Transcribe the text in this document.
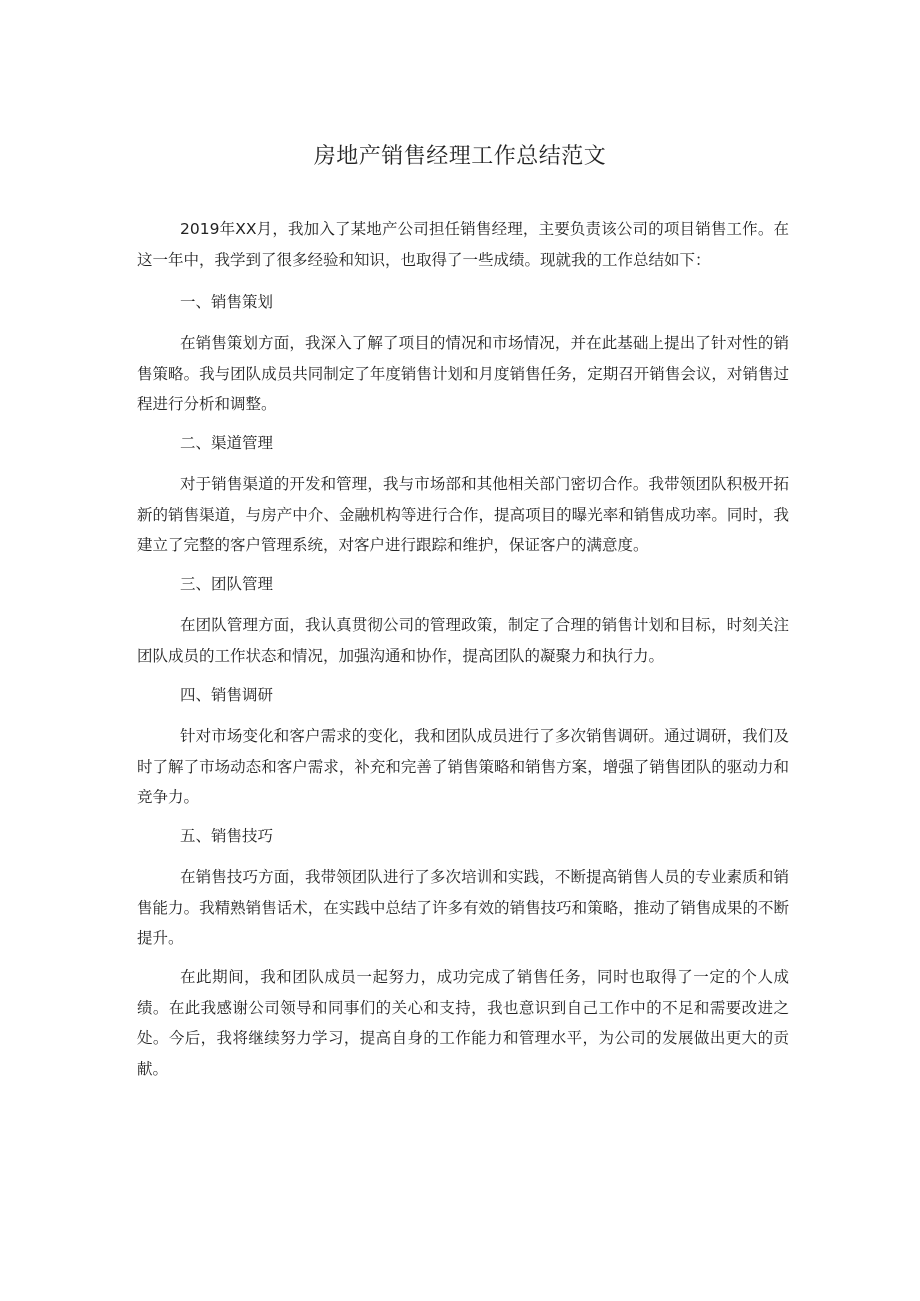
房地产销售经理工作总结范文
2019年XX月，我加入了某地产公司担任销售经理，主要负责该公司的项目销售工作。在这一年中，我学到了很多经验和知识，也取得了一些成绩。现就我的工作总结如下：
一、销售策划
在销售策划方面，我深入了解了项目的情况和市场情况，并在此基础上提出了针对性的销售策略。我与团队成员共同制定了年度销售计划和月度销售任务，定期召开销售会议，对销售过程进行分析和调整。
二、渠道管理
对于销售渠道的开发和管理，我与市场部和其他相关部门密切合作。我带领团队积极开拓新的销售渠道，与房产中介、金融机构等进行合作，提高项目的曝光率和销售成功率。同时，我建立了完整的客户管理系统，对客户进行跟踪和维护，保证客户的满意度。
三、团队管理
在团队管理方面，我认真贯彻公司的管理政策，制定了合理的销售计划和目标，时刻关注团队成员的工作状态和情况，加强沟通和协作，提高团队的凝聚力和执行力。
四、销售调研
针对市场变化和客户需求的变化，我和团队成员进行了多次销售调研。通过调研，我们及时了解了市场动态和客户需求，补充和完善了销售策略和销售方案，增强了销售团队的驱动力和竞争力。
五、销售技巧
在销售技巧方面，我带领团队进行了多次培训和实践，不断提高销售人员的专业素质和销售能力。我精熟销售话术，在实践中总结了许多有效的销售技巧和策略，推动了销售成果的不断提升。
在此期间，我和团队成员一起努力，成功完成了销售任务，同时也取得了一定的个人成绩。在此我感谢公司领导和同事们的关心和支持，我也意识到自己工作中的不足和需要改进之处。今后，我将继续努力学习，提高自身的工作能力和管理水平，为公司的发展做出更大的贡献。
